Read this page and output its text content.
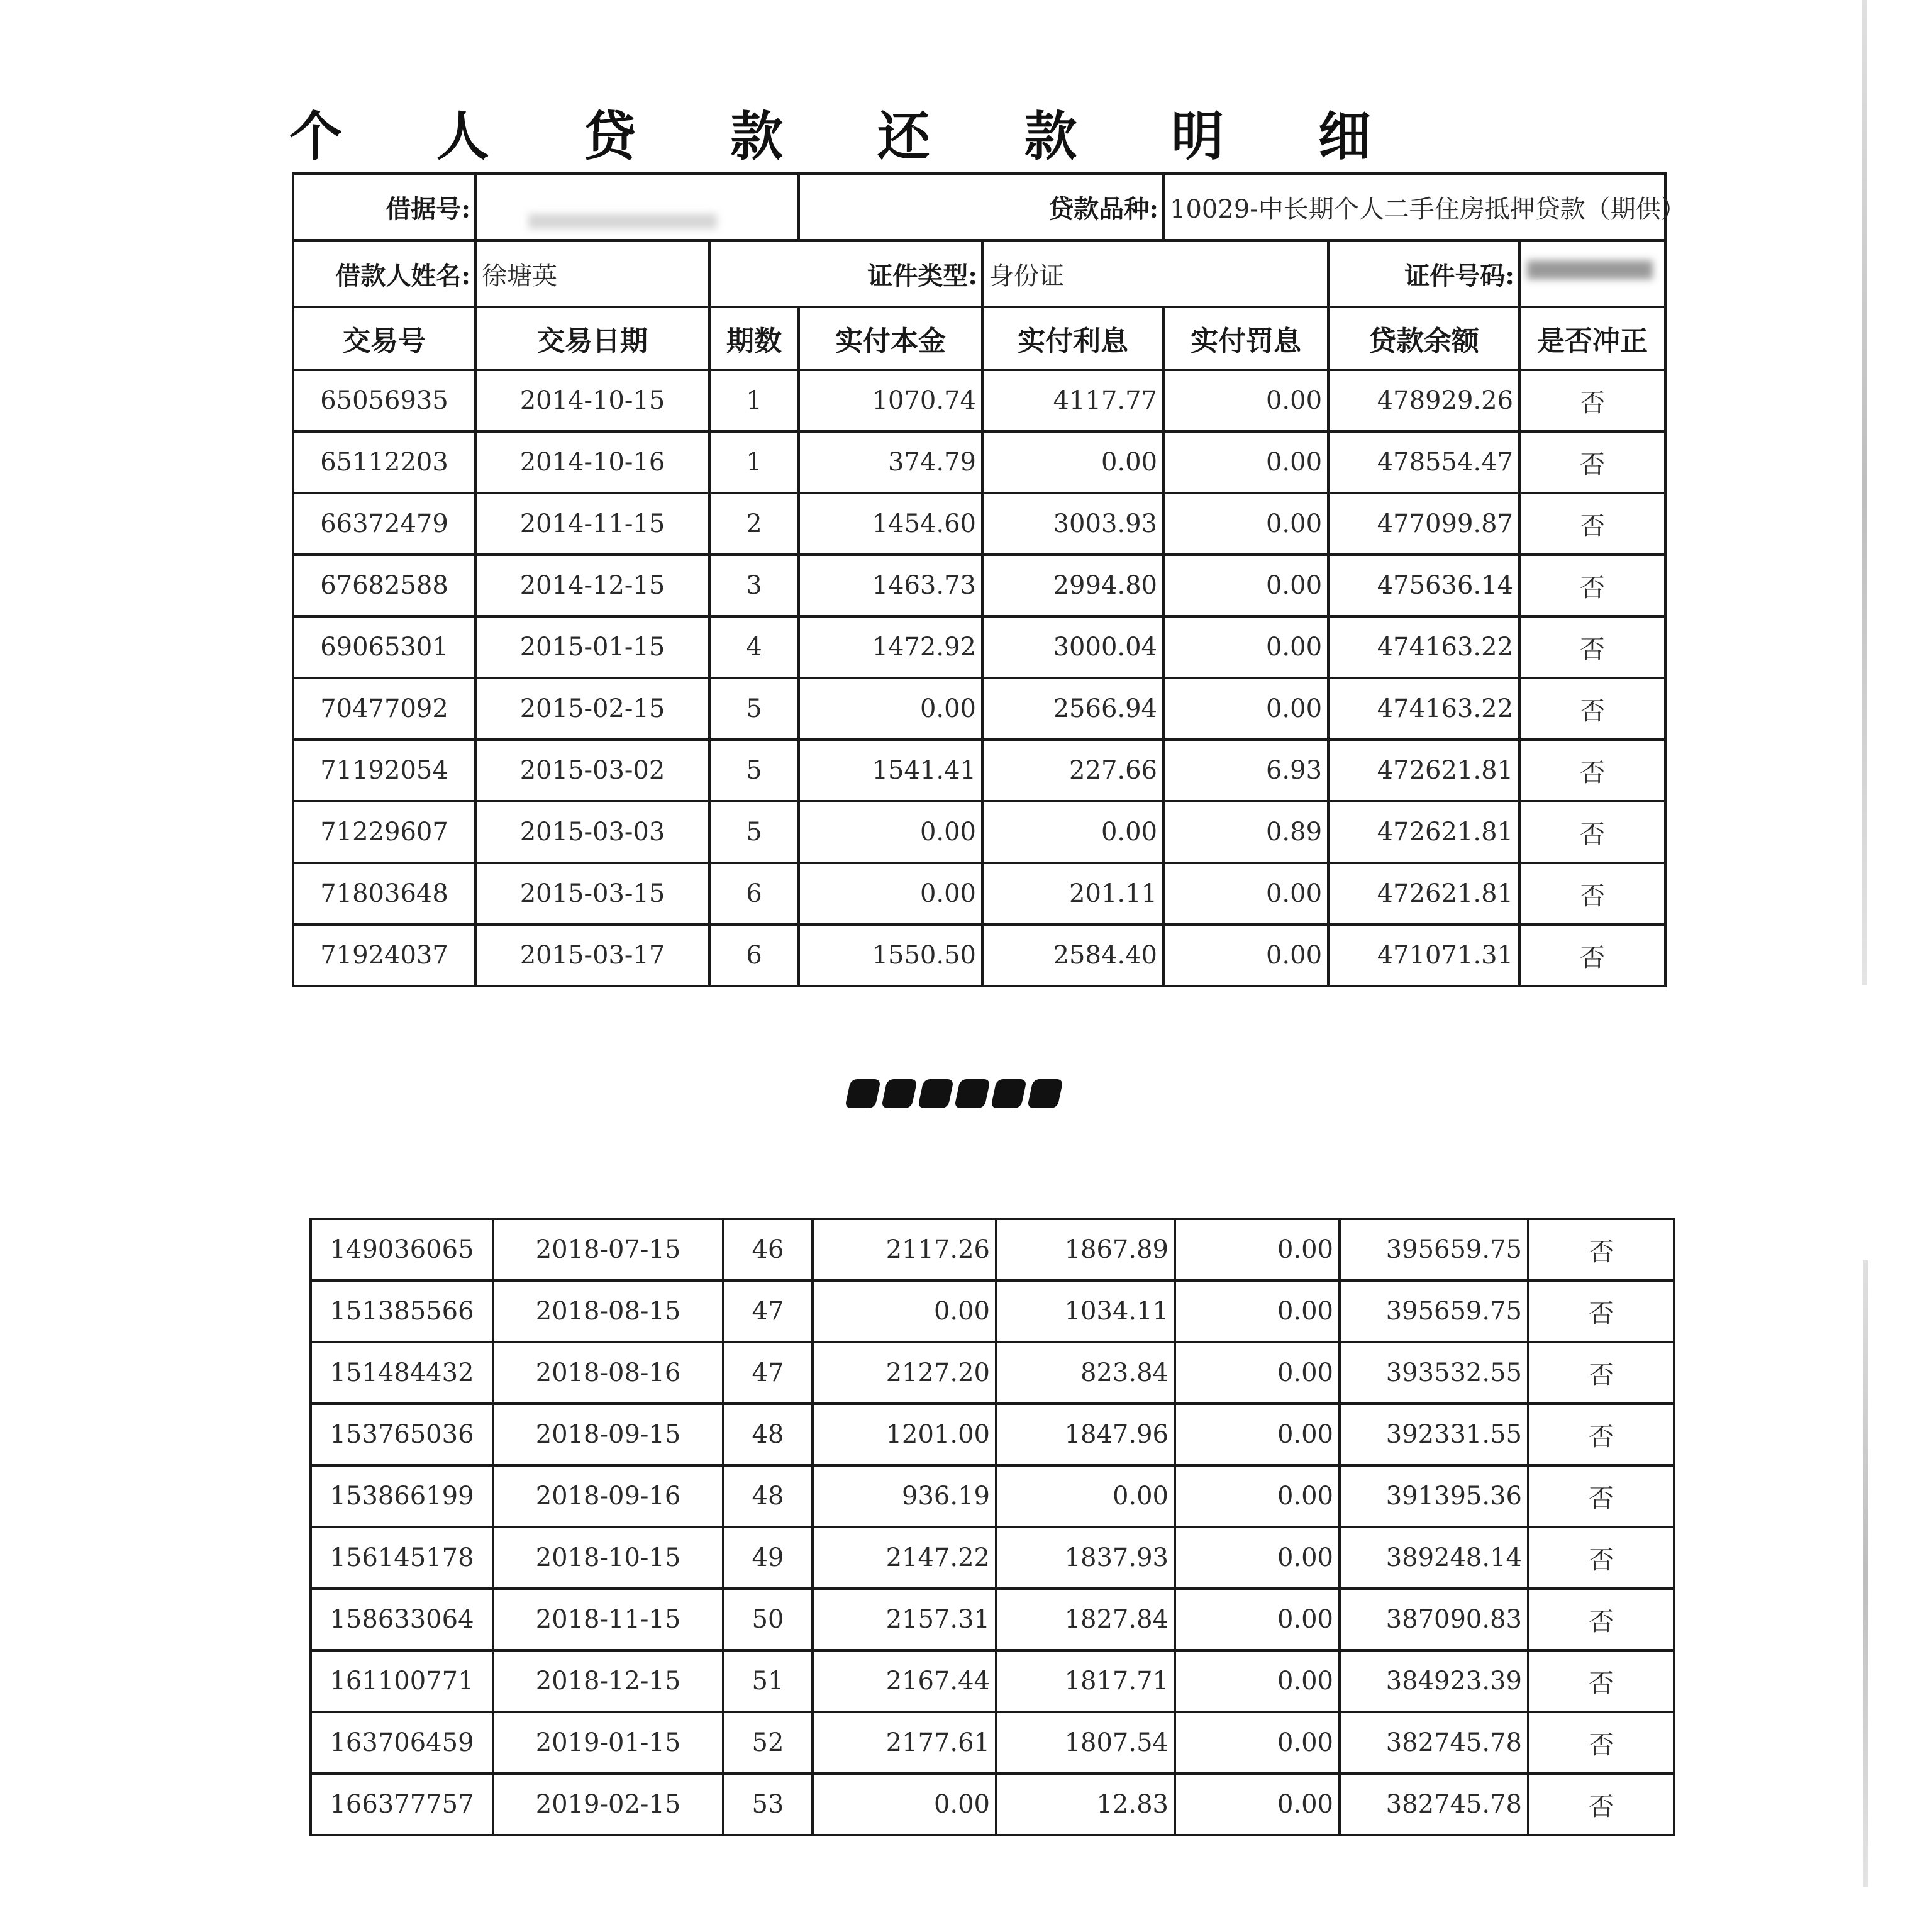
个 人 贷 款 还 款 明 细
借据号:			贷款品种:		10029-中长期个人二手住房抵押贷款（期供）		
借款人姓名:	徐塘英	证件类型:		身份证		证件号码:	

交易号	交易日期	期数	实付本金	实付利息	实付罚息	贷款余额	是否冲正
65056935	2014-10-15	1	1070.74	4117.77	0.00	478929.26	否
65112203	2014-10-16	1	374.79	0.00	0.00	478554.47	否
66372479	2014-11-15	2	1454.60	3003.93	0.00	477099.87	否
67682588	2014-12-15	3	1463.73	2994.80	0.00	475636.14	否
69065301	2015-01-15	4	1472.92	3000.04	0.00	474163.22	否
70477092	2015-02-15	5	0.00	2566.94	0.00	474163.22	否
71192054	2015-03-02	5	1541.41	227.66	6.93	472621.81	否
71229607	2015-03-03	5	0.00	0.00	0.89	472621.81	否
71803648	2015-03-15	6	0.00	201.11	0.00	472621.81	否
71924037	2015-03-17	6	1550.50	2584.40	0.00	471071.31	否
149036065	2018-07-15	46	2117.26	1867.89	0.00	395659.75	否
151385566	2018-08-15	47	0.00	1034.11	0.00	395659.75	否
151484432	2018-08-16	47	2127.20	823.84	0.00	393532.55	否
153765036	2018-09-15	48	1201.00	1847.96	0.00	392331.55	否
153866199	2018-09-16	48	936.19	0.00	0.00	391395.36	否
156145178	2018-10-15	49	2147.22	1837.93	0.00	389248.14	否
158633064	2018-11-15	50	2157.31	1827.84	0.00	387090.83	否
161100771	2018-12-15	51	2167.44	1817.71	0.00	384923.39	否
163706459	2019-01-15	52	2177.61	1807.54	0.00	382745.78	否
166377757	2019-02-15	53	0.00	12.83	0.00	382745.78	否
